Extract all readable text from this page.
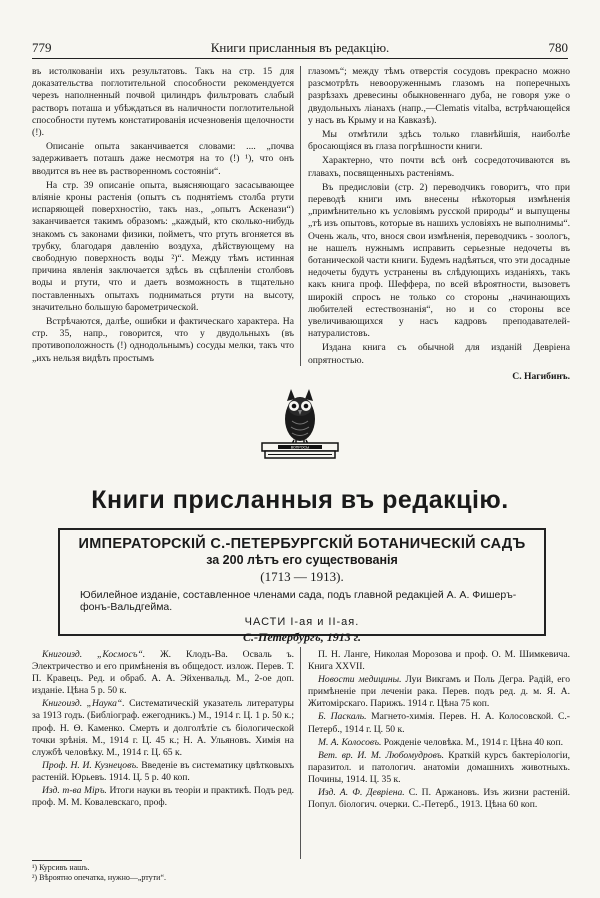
779	Книги присланныя въ редакцію.	780

въ истолкованіи ихъ результатовъ. Такъ на стр. 15 для доказательства поглотительной способности рекомендуется черезъ наполненный почвой цилиндръ фильтровать слабый растворъ поташа и убѣждаться въ наличности поглотительной способности путемъ констатированія исчезновенія щелочности (!).

Описаніе опыта заканчивается словами: .... „почва задерживаетъ поташъ даже несмотря на то (!) ¹), что онъ вводится въ нее въ растворенномъ состояніи“.

На стр. 39 описаніе опыта, выясняющаго засасывающее вліяніе кроны растенія (опытъ съ поднятіемъ столба ртути испаряющей поверхностію, такъ наз., „опытъ Аскенази“) заканчивается такимъ образомъ: „каждый, кто сколько-нибудь знакомъ съ законами физики, пойметъ, что ртуть вгоняется въ трубку, благодаря давленію воздуха, дѣйствующему на свободную поверхность воды ²)“. Между тѣмъ истинная причина явленія заключается здѣсь въ сцѣпленіи столбовъ воды и ртути, что и даетъ возможность в тщательно поставленныхъ опытахъ подниматься ртути на высоту, значительно большую барометрической.

Встрѣчаются, далѣе, ошибки и фактическаго характера. На стр. 35, напр., говорится, что у двудольныхъ (въ противоположность (!) однодольнымъ) сосуды мелки, такъ что „ихъ нельзя видѣть простымъ

глазомъ“; между тѣмъ отверстія сосудовъ прекрасно можно разсмотрѣть невооруженнымъ глазомъ на поперечныхъ разрѣзахъ древесины обыкновеннаго дуба, не говоря уже о двудольныхъ ліанахъ (напр.,—Clematis vitalba, встрѣчающейся у насъ въ Крыму и на Кавказѣ).

Мы отмѣтили здѣсь только главнѣйшія, наиболѣе бросающіяся въ глаза погрѣшности книги.

Характерно, что почти всѣ онѣ сосредоточиваются въ главахъ, посвященныхъ растеніямъ.

Въ предисловіи (стр. 2) переводчикъ говоритъ, что при переводѣ книги имъ внесены нѣкоторыя измѣненія „примѣнительно къ условіямъ русской природы“ и выпущены „тѣ изъ опытовъ, которые въ нашихъ условіяхъ не выполнимы“. Очень жаль, что, внося свои измѣненія, переводчикъ - зоологъ, не нашелъ нужнымъ исправить серьезные недочеты въ ботанической части книги. Будемъ надѣяться, что эти досадные недочеты будутъ устранены въ слѣдующихъ изданіяхъ, такъ какъ книга проф. Шеффера, по всей вѣроятности, вызоветъ широкій спросъ не только со стороны „начинающихъ любителей естествознанія“, но и со стороны все увеличивающихся у насъ кадровъ преподавателей-натуралистовъ.

Издана книга съ обычной для изданій Девріена опрятностью.

С. Нагибинъ.
ВОПРОСЫ
Книги присланныя въ редакцію.
ИМПЕРАТОРСКІЙ С.-ПЕТЕРБУРГСКІЙ БОТАНИЧЕСКІЙ САДЪ
за 200 лѣтъ его существованія
(1713 — 1913).
Юбилейное изданіе, составленное членами сада, подъ главной редакціей А. А. Фишеръ-фонъ-Вальдгейма.
ЧАСТИ I-ая и II-ая.
С.-Петербургъ, 1913 г.

Книгоизд. „Космосъ“. Ж. Клодъ-Ва. Осваль ъ. Электричество и его примѣненія въ общедост. излож. Перев. Т. П. Кравецъ. Ред. и обраб. А. А. Эйхенвальд. М., 2-ое доп. изданіе. Цѣна 5 р. 50 к.

Книгоизд. „Наука“. Систематическій указатель литературы за 1913 годъ. (Библіограф. ежегодникъ.) М., 1914 г. Ц. 1 р. 50 к.; проф. Н. Ѳ. Каменко. Смерть и долголѣтіе съ біологической точки зрѣнія. М., 1914 г. Ц. 45 к.; Н. А. Ульяновъ. Химія на службѣ человѣку. М., 1914 г. Ц. 65 к.

Проф. Н. И. Кузнецовъ. Введеніе въ систематику цвѣтковыхъ растеній. Юрьевъ. 1914. Ц. 5 р. 40 коп.

Изд. т-ва Міръ. Итоги науки въ теоріи и практикѣ. Подъ ред. проф. М. М. Ковалевскаго, проф.

П. Н. Ланге, Николая Морозова и проф. О. М. Шимкевича. Книга XXVII.

Новости медицины. Луи Викгамъ и Поль Дегра. Радій, его примѣненіе при леченіи рака. Перев. подъ ред. д. м. Я. А. Житомірскаго. Парижъ. 1914 г. Цѣна 75 коп.

Б. Паскаль. Магнето-химія. Перев. Н. А. Колосовской. С.-Петерб., 1914 г. Ц. 50 к.

М. А. Колосовъ. Рожденіе человѣка. М., 1914 г. Цѣна 40 коп.

Вет. вр. И. М. Любомудровъ. Краткій курсъ бактеріологіи, паразитол. и патологич. анатоміи домашнихъ животныхъ. Почины, 1914. Ц. 35 к.

Изд. А. Ф. Девріена. С. П. Аржановъ. Изъ жизни растеній. Попул. біологич. очерки. С.-Петерб., 1913. Цѣна 60 коп.

¹) Курсивъ нашъ.
²) Вѣроятно опечатка, нужно—„ртути“.
